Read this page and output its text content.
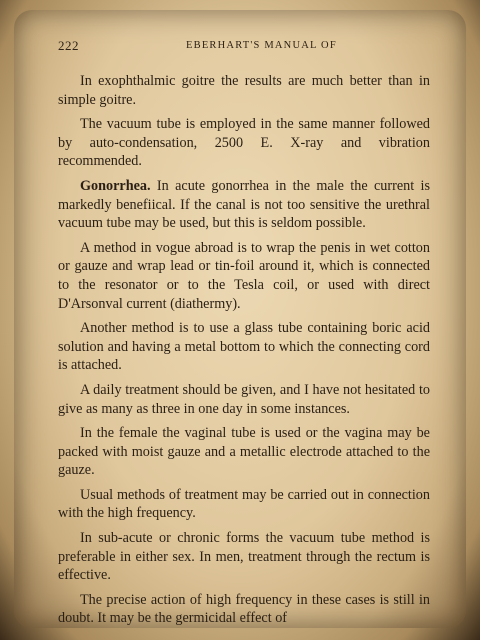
222	EBERHART'S MANUAL OF

In exophthalmic goitre the results are much better than in simple goitre.

The vacuum tube is employed in the same manner followed by auto-condensation, 2500 E. X-ray and vibration recommended.

Gonorrhea. In acute gonorrhea in the male the current is markedly benefiical. If the canal is not too sensitive the urethral vacuum tube may be used, but this is seldom possible.

A method in vogue abroad is to wrap the penis in wet cotton or gauze and wrap lead or tin-foil around it, which is connected to the resonator or to the Tesla coil, or used with direct D'Arsonval current (diathermy).

Another method is to use a glass tube containing boric acid solution and having a metal bottom to which the connecting cord is attached.

A daily treatment should be given, and I have not hesitated to give as many as three in one day in some instances.

In the female the vaginal tube is used or the vagina may be packed with moist gauze and a metallic electrode attached to the gauze.

Usual methods of treatment may be carried out in connection with the high frequency.

In sub-acute or chronic forms the vacuum tube method is preferable in either sex. In men, treatment through the rectum is effective.

The precise action of high frequency in these cases is still in doubt. It may be the germicidal effect of
